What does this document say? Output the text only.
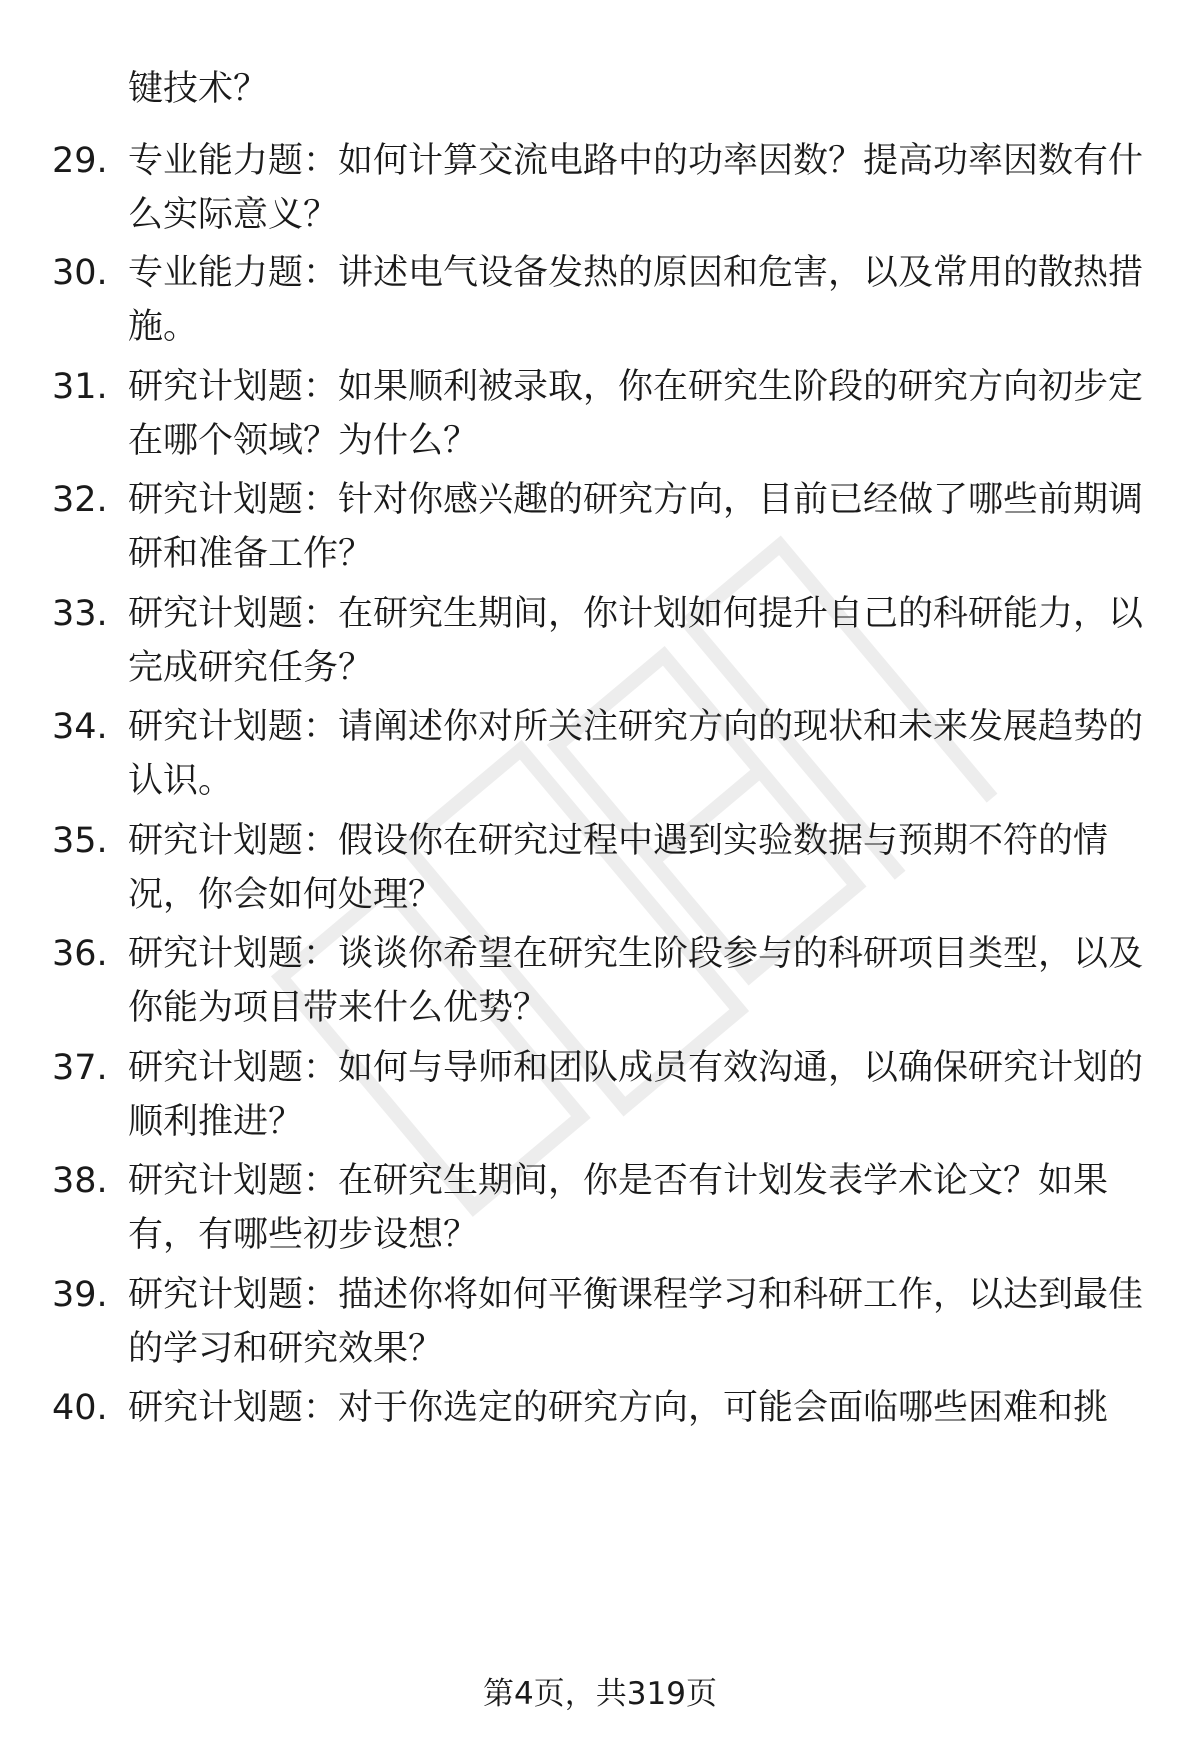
键技术？
29. 专业能力题：如何计算交流电路中的功率因数？提高功率因数有什么实际意义？
30. 专业能力题：讲述电气设备发热的原因和危害，以及常用的散热措施。
31. 研究计划题：如果顺利被录取，你在研究生阶段的研究方向初步定在哪个领域？为什么？
32. 研究计划题：针对你感兴趣的研究方向，目前已经做了哪些前期调研和准备工作？
33. 研究计划题：在研究生期间，你计划如何提升自己的科研能力，以完成研究任务？
34. 研究计划题：请阐述你对所关注研究方向的现状和未来发展趋势的认识。
35. 研究计划题：假设你在研究过程中遇到实验数据与预期不符的情况，你会如何处理？
36. 研究计划题：谈谈你希望在研究生阶段参与的科研项目类型，以及你能为项目带来什么优势？
37. 研究计划题：如何与导师和团队成员有效沟通，以确保研究计划的顺利推进？
38. 研究计划题：在研究生期间，你是否有计划发表学术论文？如果有，有哪些初步设想？
39. 研究计划题：描述你将如何平衡课程学习和科研工作，以达到最佳的学习和研究效果？
40. 研究计划题：对于你选定的研究方向，可能会面临哪些困难和挑
第4页，共319页
